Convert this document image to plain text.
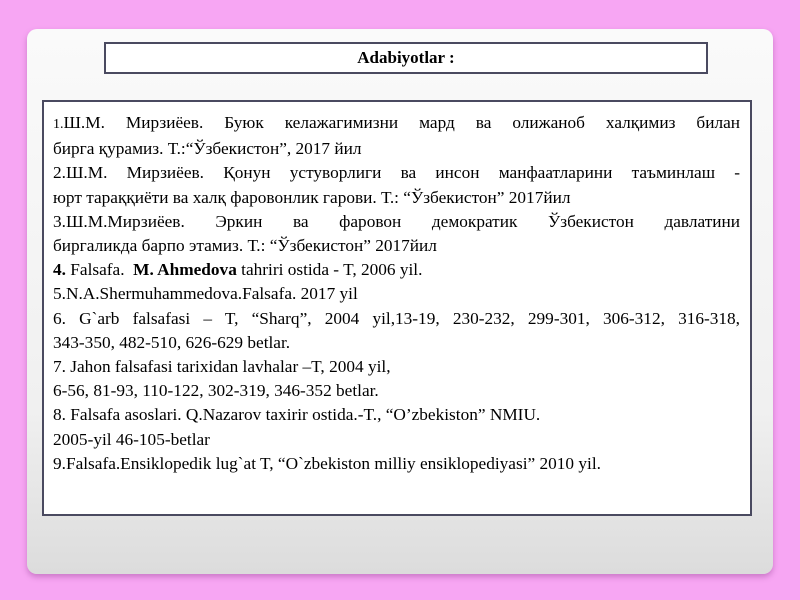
Adabiyotlar :
1.Ш.М. Мирзиёев. Буюк келажагимизни мард ва олижаноб халқимиз билан
бирга қурамиз. Т.:“Ўзбекистон”, 2017 йил
2.Ш.М. Мирзиёев. Қонун устуворлиги ва инсон манфаатларини таъминлаш -
юрт тараққиёти ва халқ фаровонлик гарови. Т.: “Ўзбекистон” 2017йил
3.Ш.М.Мирзиёев. Эркин ва фаровон демократик Ўзбекистон давлатини
биргаликда барпо этамиз. Т.: “Ўзбекистон” 2017йил
4. Falsafa.  M. Ahmedova tahriri ostida - T, 2006 yil.
5.N.A.Shermuhammedova.Falsafa. 2017 yil
6. G`arb falsafasi – T, “Sharq”, 2004 yil,13-19, 230-232, 299-301, 306-312, 316-318,
343-350, 482-510, 626-629 betlar.
7. Jahon falsafasi tarixidan lavhalar –T, 2004 yil,
6-56, 81-93, 110-122, 302-319, 346-352 betlar.
8. Falsafa asoslari. Q.Nazarov taxirir ostida.-T., “O’zbekiston” NMIU.
2005-yil 46-105-betlar
9.Falsafa.Ensiklopedik lug`at T, “O`zbekiston milliy ensiklopediyasi” 2010 yil.
